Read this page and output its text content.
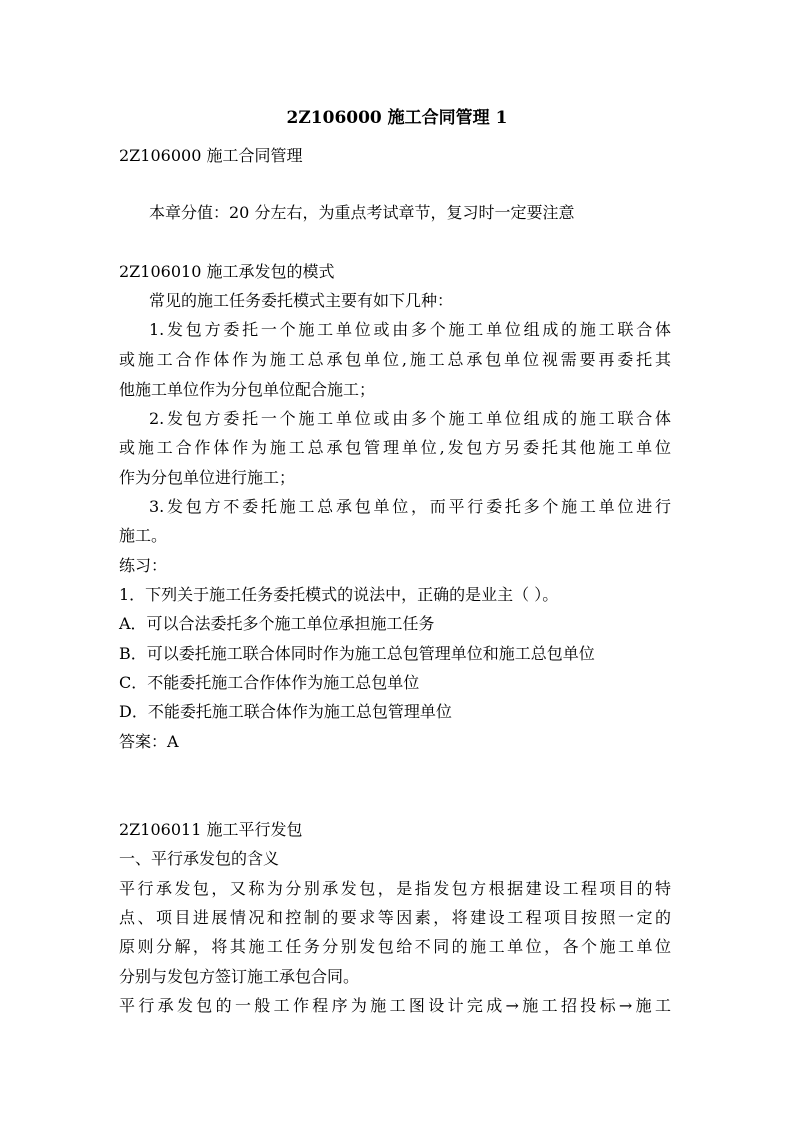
2Z106000 施工合同管理 1
2Z106000 施工合同管理
本章分值：20 分左右，为重点考试章节，复习时一定要注意
2Z106010 施工承发包的模式
常见的施工任务委托模式主要有如下几种：
1.发包方委托一个施工单位或由多个施工单位组成的施工联合体
或施工合作体作为施工总承包单位,施工总承包单位视需要再委托其
他施工单位作为分包单位配合施工；
2.发包方委托一个施工单位或由多个施工单位组成的施工联合体
或施工合作体作为施工总承包管理单位,发包方另委托其他施工单位
作为分包单位进行施工；
3.发包方不委托施工总承包单位，而平行委托多个施工单位进行
施工。
练习：
1．下列关于施工任务委托模式的说法中，正确的是业主（ ）。
A．可以合法委托多个施工单位承担施工任务
B．可以委托施工联合体同时作为施工总包管理单位和施工总包单位
C．不能委托施工合作体作为施工总包单位
D．不能委托施工联合体作为施工总包管理单位
答案：A
2Z106011 施工平行发包
一、平行承发包的含义
平行承发包，又称为分别承发包，是指发包方根据建设工程项目的特
点、项目进展情况和控制的要求等因素，将建设工程项目按照一定的
原则分解，将其施工任务分别发包给不同的施工单位，各个施工单位
分别与发包方签订施工承包合同。
平行承发包的一般工作程序为施工图设计完成→施工招投标→施工
